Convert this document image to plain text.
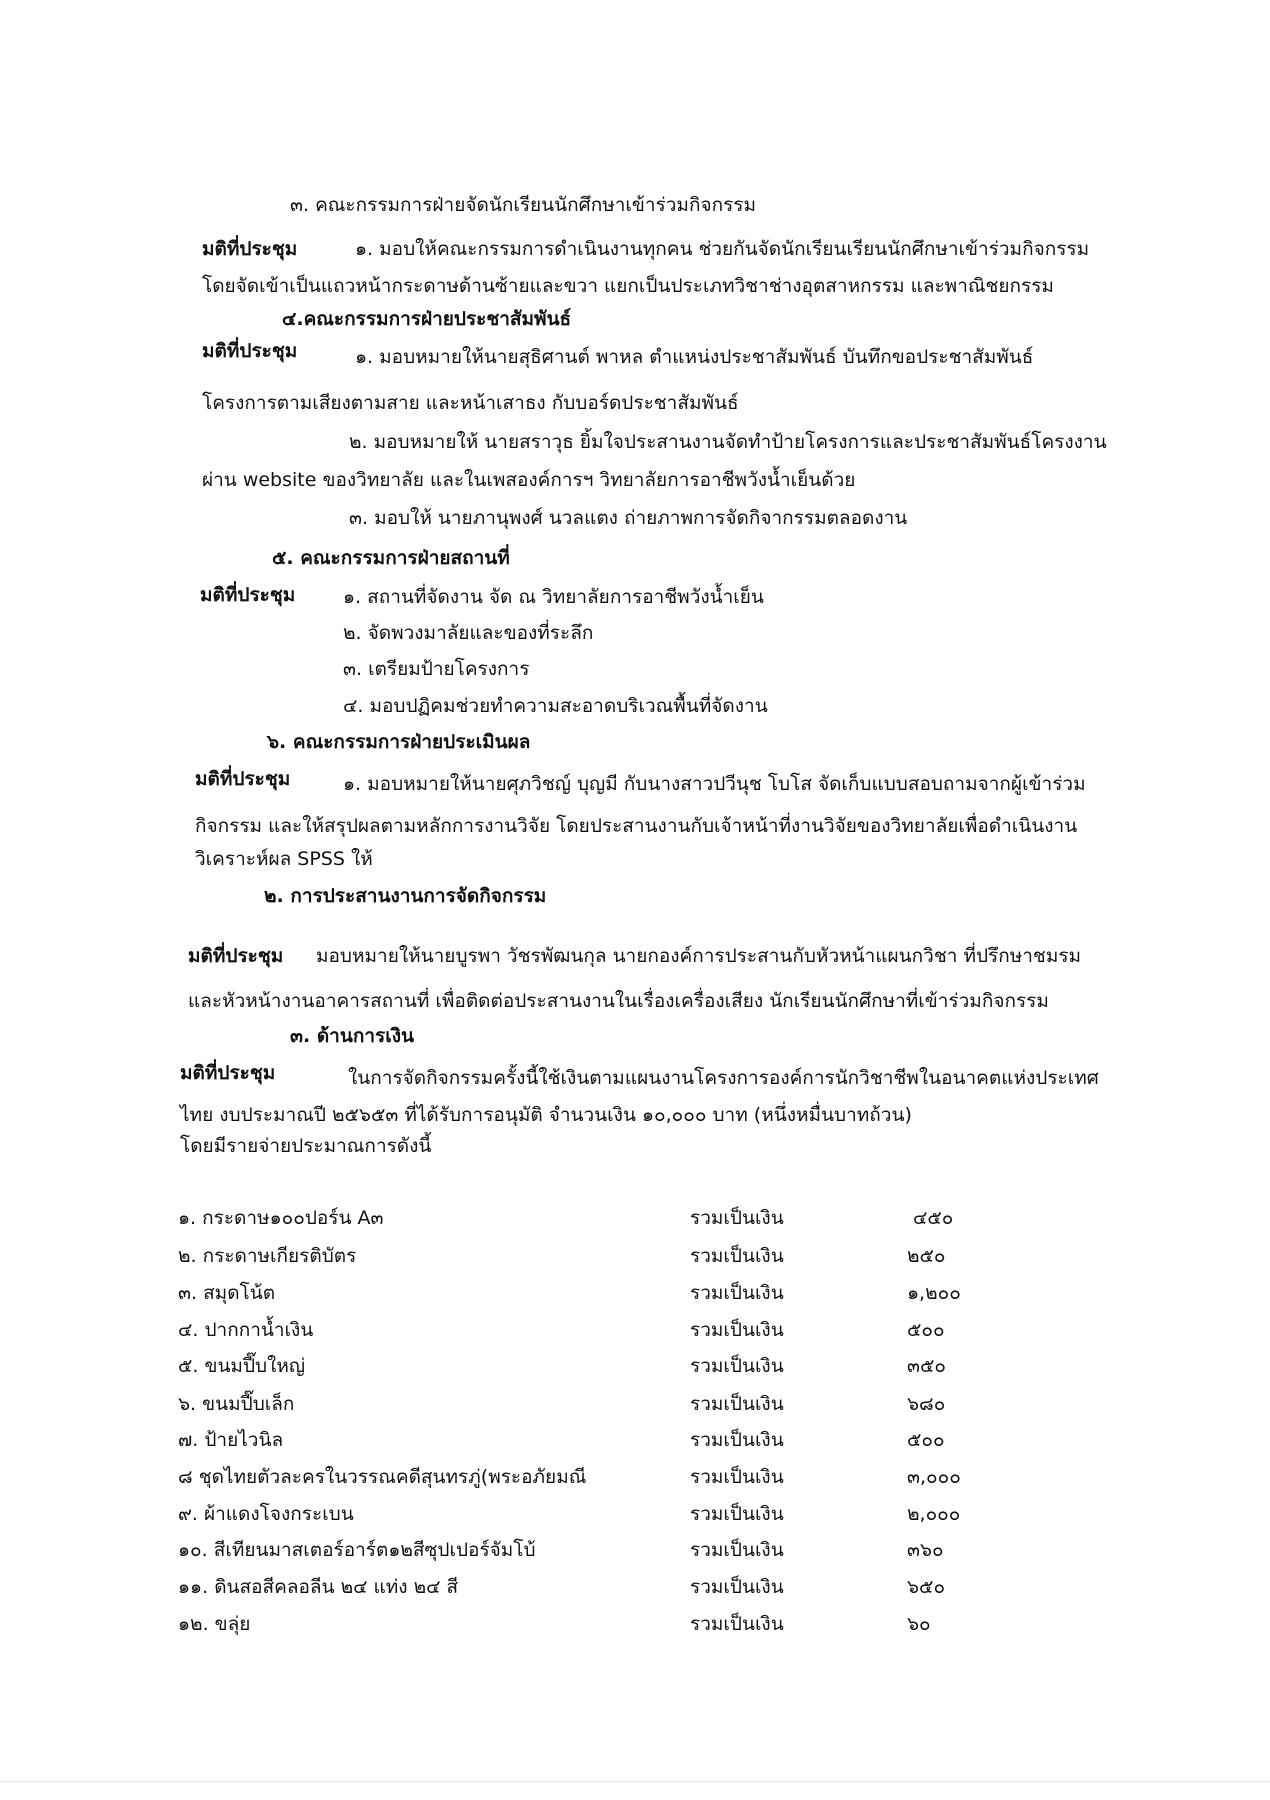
๓. คณะกรรมการฝ่ายจัดนักเรียนนักศึกษาเข้าร่วมกิจกรรม
มติที่ประชุม	๑. มอบให้คณะกรรมการดำเนินงานทุกคน ช่วยกันจัดนักเรียนเรียนนักศึกษาเข้าร่วมกิจกรรม
โดยจัดเข้าเป็นแถวหน้ากระดาษด้านซ้ายและขวา แยกเป็นประเภทวิชาช่างอุตสาหกรรม และพาณิชยกรรม
๔.คณะกรรมการฝ่ายประชาสัมพันธ์
มติที่ประชุม	๑. มอบหมายให้นายสุธิศานต์ พาหล ตำแหน่งประชาสัมพันธ์ บันทึกขอประชาสัมพันธ์
โครงการตามเสียงตามสาย และหน้าเสาธง กับบอร์ดประชาสัมพันธ์
๒. มอบหมายให้ นายสราวุธ ยิ้มใจประสานงานจัดทำป้ายโครงการและประชาสัมพันธ์โครงงาน
ผ่าน website ของวิทยาลัย และในเพสองค์การฯ วิทยาลัยการอาชีพวังน้ำเย็นด้วย
๓. มอบให้ นายภานุพงศ์ นวลแตง ถ่ายภาพการจัดกิจากรรมตลอดงาน
๕. คณะกรรมการฝ่ายสถานที่
มติที่ประชุม	๑. สถานที่จัดงาน จัด ณ วิทยาลัยการอาชีพวังน้ำเย็น
๒. จัดพวงมาลัยและของที่ระลึก
๓. เตรียมป้ายโครงการ
๔. มอบปฏิคมช่วยทำความสะอาดบริเวณพื้นที่จัดงาน
๖. คณะกรรมการฝ่ายประเมินผล
มติที่ประชุม	๑. มอบหมายให้นายศุภวิชญ์ บุญมี กับนางสาวปวีนุช โบโส จัดเก็บแบบสอบถามจากผู้เข้าร่วม
กิจกรรม และให้สรุปผลตามหลักการงานวิจัย โดยประสานงานกับเจ้าหน้าที่งานวิจัยของวิทยาลัยเพื่อดำเนินงาน
วิเคราะห์ผล SPSS ให้
๒. การประสานงานการจัดกิจกรรม
มติที่ประชุม มอบหมายให้นายบูรพา วัชรพัฒนกุล นายกองค์การประสานกับหัวหน้าแผนกวิชา ที่ปรึกษาชมรม
และหัวหน้างานอาคารสถานที่ เพื่อติดต่อประสานงานในเรื่องเครื่องเสียง นักเรียนนักศึกษาที่เข้าร่วมกิจกรรม
๓. ด้านการเงิน
มติที่ประชุม	ในการจัดกิจกรรมครั้งนี้ใช้เงินตามแผนงานโครงการองค์การนักวิชาชีพในอนาคตแห่งประเทศ
ไทย งบประมาณปี ๒๕๖๕๓ ที่ได้รับการอนุมัติ จำนวนเงิน ๑๐,๐๐๐ บาท (หนึ่งหมื่นบาทถ้วน)
โดยมีรายจ่ายประมาณการดังนี้
๑. กระดาษ๑๐๐ปอร์น A๓	รวมเป็นเงิน	๔๕๐
๒. กระดาษเกียรติบัตร	รวมเป็นเงิน	๒๕๐
๓. สมุดโน้ต	รวมเป็นเงิน	๑,๒๐๐
๔. ปากกาน้ำเงิน	รวมเป็นเงิน	๕๐๐
๕. ขนมปี๊บใหญ่	รวมเป็นเงิน	๓๕๐
๖. ขนมปี๊บเล็ก	รวมเป็นเงิน	๖๘๐
๗. ป้ายไวนิล	รวมเป็นเงิน	๕๐๐
๘ ชุดไทยตัวละครในวรรณคดีสุนทรภู่(พระอภัยมณี	รวมเป็นเงิน	๓,๐๐๐
๙. ผ้าแดงโจงกระเบน	รวมเป็นเงิน	๒,๐๐๐
๑๐. สีเทียนมาสเตอร์อาร์ต๑๒สีซุปเปอร์จัมโบ้	รวมเป็นเงิน	๓๖๐
๑๑. ดินสอสีคลอลีน ๒๔ แท่ง ๒๔ สี	รวมเป็นเงิน	๖๕๐
๑๒. ขลุ่ย	รวมเป็นเงิน	๖๐
